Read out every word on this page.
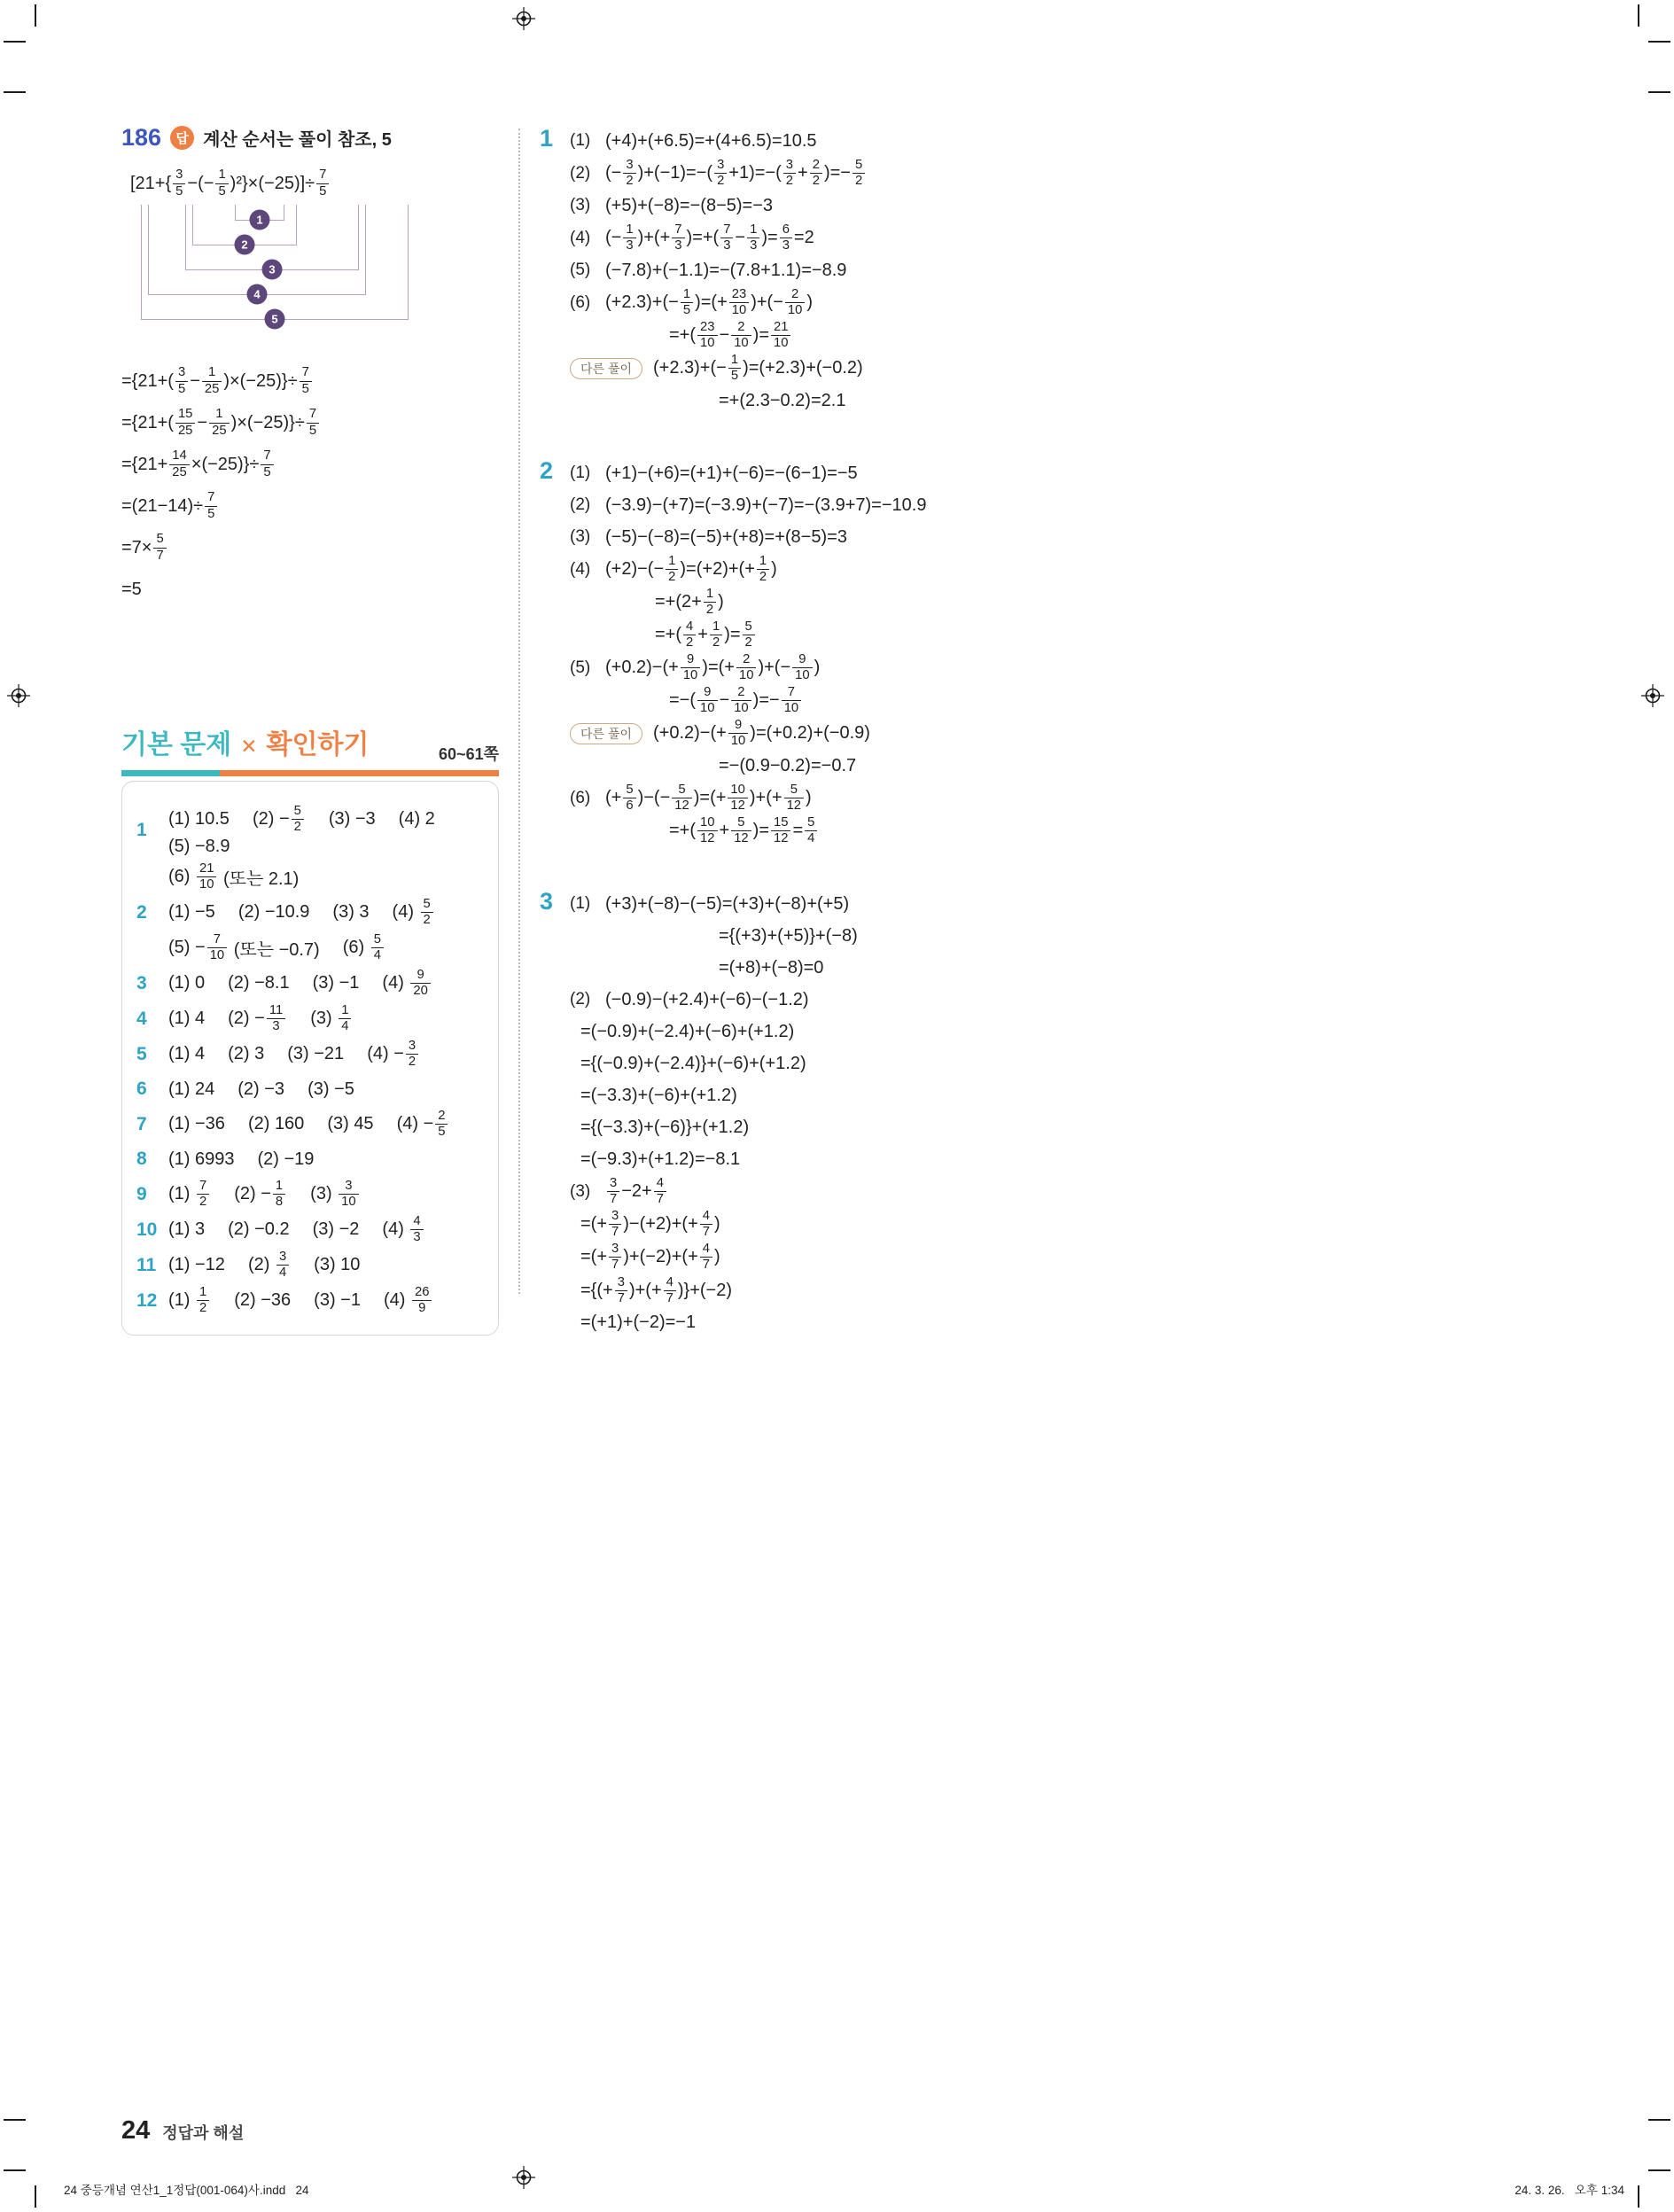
186	답 계산 순서는 풀이 참조, 5
[$21+\{ \frac{3}{5}$ −(− $\frac{1}{5} )^2\}\times(-25)]\div \frac{7}{5}$
1
2
3
4
5
$=\{21+( \frac{3}{5} - \frac{1}{25} )\times(-25)\}\div \frac{7}{5}$
$=\{21+( \frac{15}{25} - \frac{1}{25} )\times(-25)\}\div \frac{7}{5}$
$=\{21+ \frac{14}{25} \times(-25)\}\div \frac{7}{5}$
$=(21-14)\div \frac{7}{5}$
$=7\times \frac{5}{7}$
=5
기본 문제 ✕ 확인하기	60~61쪽
1
(1) 10.5 $(2) - \frac{5}{2} (3) -3$ (4) 2
(5) −8.9
$(6) \frac{21}{10}$ (또는 2.1)
2	(1) −5 (2) −10.9 (3) 3 $(4) \frac{5}{2}$
$(5) - \frac{7}{10}$ (또는 −0.7) $(6) \frac{5}{4}$
3	(1) 0 (2) −8.1 (3) −1 $(4) \frac{9}{20}$
4	(1) 4 $(2) - \frac{11}{3} (3) \frac{1}{4}$
5	(1) 4 (2) 3 (3) −21 $(4) - \frac{3}{2}$
6	(1) 24 (2) −3 (3) −5
7	(1) −36 (2) 160 (3) 45 $(4) - \frac{2}{5}$
8	(1) 6993 (2) −19
9	$(1) \frac{7}{2} (2) - \frac{1}{8} (3) \frac{3}{10}$
10 (1) 3 (2) −0.2 (3) −2 $(4) \frac{4}{3}$
11 (1) −12 $(2) \frac{3}{4} (3)$ 10
12 $(1) \frac{1}{2} (2) -36$ (3) −1 $(4) \frac{26}{9}$
24 정답과 해설
1 (1) (+4)+(+6.5)=+(4+6.5)=10.5
(2) (− $\frac{3}{2} )+(-1)=-( \frac{3}{2} +1)=-( \frac{3}{2} + \frac{2}{2}$ )=− $\frac{5}{2}$
(3) (+5)+(−8)=−(8−5)=−3
(4) (− $\frac{1}{3}$ )+(+ $\frac{7}{3}$ )=+( $\frac{7}{3} - \frac{1}{3}$ )= $\frac{6}{3} =2$
(5) (−7.8)+(−1.1)=−(7.8+1.1)=−8.9
(6) $(+2.3)+(- \frac{1}{5}$ )=(+ $\frac{23}{10}$ )+(− $\frac{2}{10}$ )
=+( $\frac{23}{10} - \frac{2}{10}$ )= $\frac{21}{10}$
다른 풀이	$(+2.3)+(- \frac{1}{5} )=(+2.3)+(-0.2)$
=+(2.3−0.2)=2.1
2 (1) (+1)−(+6)=(+1)+(−6)=−(6−1)=−5
(2) (−3.9)−(+7)=(−3.9)+(−7)=−(3.9+7)=−10.9
(3) (−5)−(−8)=(−5)+(+8)=+(8−5)=3
(4) $(+2)-(- \frac{1}{2} )=(+2)+(+ \frac{1}{2}$ )
$=+(2+ \frac{1}{2}$ )
=+( $\frac{4}{2} + \frac{1}{2}$ )= $\frac{5}{2}$
(5) $(+0.2)-(+ \frac{9}{10}$ )=(+ $\frac{2}{10}$ )+(− $\frac{9}{10}$ )
=−( $\frac{9}{10} - \frac{2}{10}$ )=− $\frac{7}{10}$
다른 풀이	$(+0.2)-(+ \frac{9}{10} )=(+0.2)+(-0.9)$
=−(0.9−0.2)=−0.7
(6) (+ $\frac{5}{6}$ )−(− $\frac{5}{12}$ )=(+ $\frac{10}{12}$ )+(+ $\frac{5}{12}$ )
=+( $\frac{10}{12} + \frac{5}{12}$ )= $\frac{15}{12} = \frac{5}{4}$
3 (1) (+3)+(−8)−(−5)=(+3)+(−8)+(+5)
={(+3)+(+5)}+(−8)
=(+8)+(−8)=0
(2) (−0.9)−(+2.4)+(−6)−(−1.2)
=(−0.9)+(−2.4)+(−6)+(+1.2)
={(−0.9)+(−2.4)}+(−6)+(+1.2)
=(−3.3)+(−6)+(+1.2)
={(−3.3)+(−6)}+(+1.2)
=(−9.3)+(+1.2)=−8.1
(3)	$\frac{3}{7} -2+ \frac{4}{7}$
=(+ $\frac{3}{7} )-(+2)+(+ \frac{4}{7}$ )
=(+ $\frac{3}{7} )+(-2)+(+ \frac{4}{7}$ )
={(+ $\frac{3}{7}$ )+(+ $\frac{4}{7} )\}+(-2)$
=(+1)+(−2)=−1
24 중등개념 연산1_1정답(001-064)사.indd   24	24. 3. 26.   오후 1:34
